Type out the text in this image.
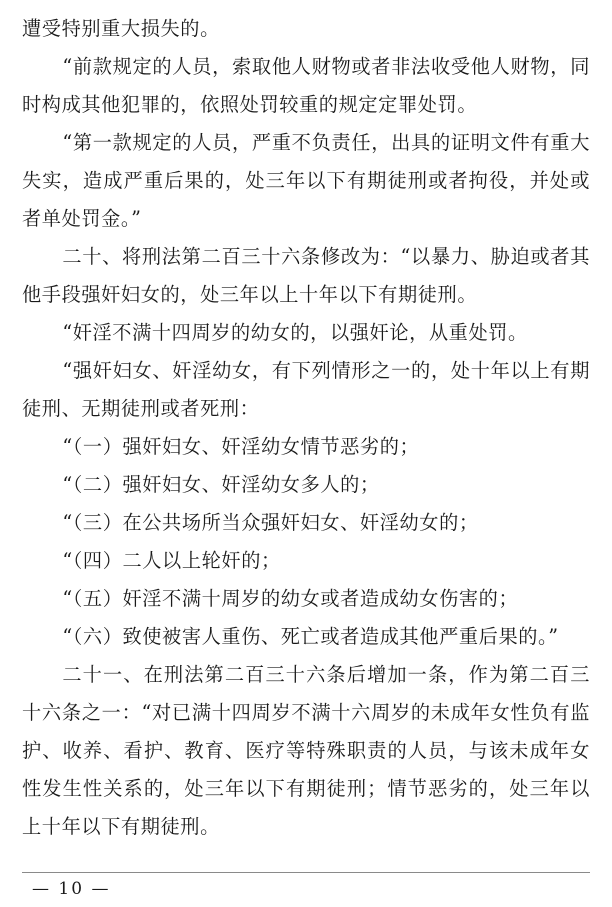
遭受特别重大损失的。

“前款规定的人员，索取他人财物或者非法收受他人财物，同时构成其他犯罪的，依照处罚较重的规定定罪处罚。

“第一款规定的人员，严重不负责任，出具的证明文件有重大失实，造成严重后果的，处三年以下有期徒刑或者拘役，并处或者单处罚金。”

二十、将刑法第二百三十六条修改为：“以暴力、胁迫或者其他手段强奸妇女的，处三年以上十年以下有期徒刑。

“奸淫不满十四周岁的幼女的，以强奸论，从重处罚。

“强奸妇女、奸淫幼女，有下列情形之一的，处十年以上有期徒刑、无期徒刑或者死刑：

“（一）强奸妇女、奸淫幼女情节恶劣的；

“（二）强奸妇女、奸淫幼女多人的；

“（三）在公共场所当众强奸妇女、奸淫幼女的；

“（四）二人以上轮奸的；

“（五）奸淫不满十周岁的幼女或者造成幼女伤害的；

“（六）致使被害人重伤、死亡或者造成其他严重后果的。”

二十一、在刑法第二百三十六条后增加一条，作为第二百三十六条之一：“对已满十四周岁不满十六周岁的未成年女性负有监护、收养、看护、教育、医疗等特殊职责的人员，与该未成年女性发生性关系的，处三年以下有期徒刑；情节恶劣的，处三年以上十年以下有期徒刑。

— 10 —
